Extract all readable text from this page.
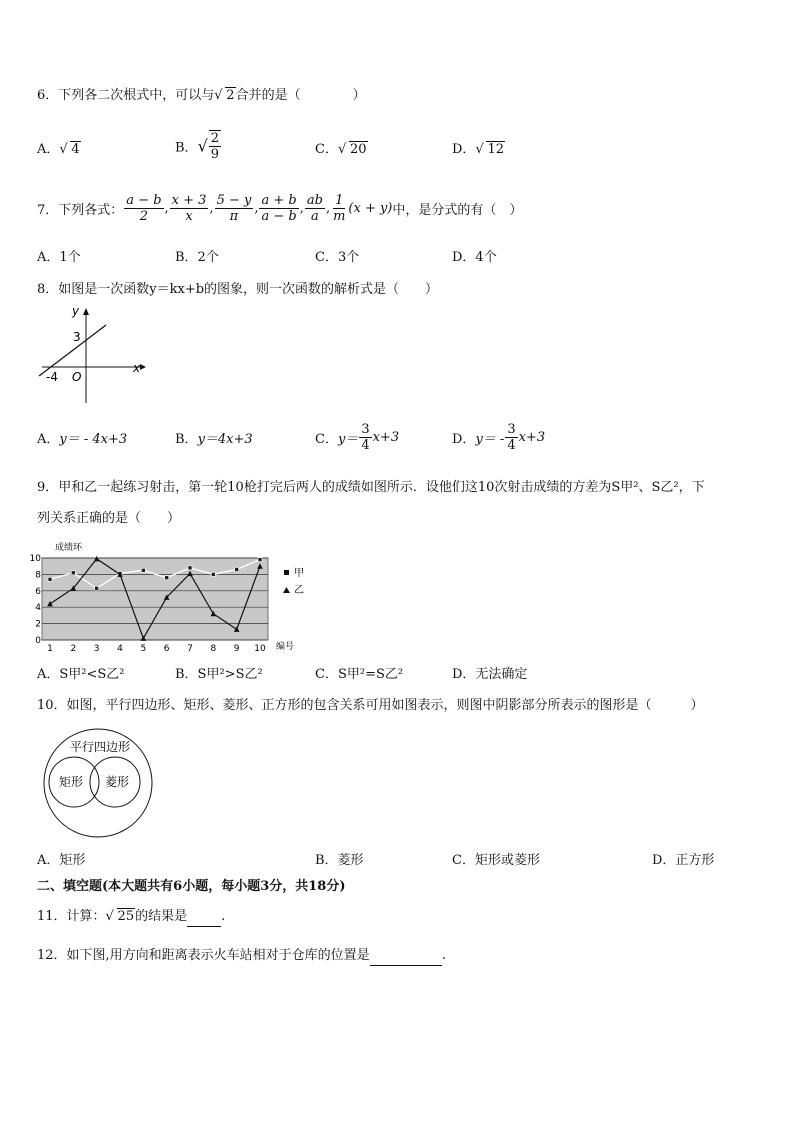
6．下列各二次根式中，可以与 √ 2合并的是（　　　　）
A． √ 4	B．√ $\frac{2}{9}$	C． √ 20	D． √ 12
7．下列各式： $\frac{a - b}{2}$ , $\frac{x + 3}{x}$ , $\frac{5 - y}{\pi}$ , $\frac{a + b}{a - b}$ , $\frac{ab}{a}$ , $\frac{1}{m} (x + y)$中，是分式的有（　）
A．1个	B．2个	C．3个	D．4个
8．如图是一次函数y＝kx+b的图象，则一次函数的解析式是（　　）
y
x
O
3
-4
A．y＝ - 4x+3	B．y＝4x+3	C．$y= \frac{3}{4} x+3$	D．$y= - \frac{3}{4} x+3$
9．甲和乙一起练习射击，第一轮10枪打完后两人的成绩如图所示．设他们这10次射击成绩的方差为S甲²、S乙²，下
列关系正确的是（　　）
0
2
4
6
8
10
1 2 3 4 5 6 7 8 9 10
成绩环
编号
甲
乙
A．S甲²<S乙²	B．S甲²>S乙²	C．S甲²=S乙²	D．无法确定
10．如图，平行四边形、矩形、菱形、正方形的包含关系可用如图表示，则图中阴影部分所表示的图形是（　　　）
平行四边形
矩形 菱形
A．矩形	B．菱形	C．矩形或菱形	D．正方形
二、填空题(本大题共有6小题，每小题3分，共18分)
11．计算： √ 25的结果是	.
12．如下图,用方向和距离表示火车站相对于仓库的位置是	.
